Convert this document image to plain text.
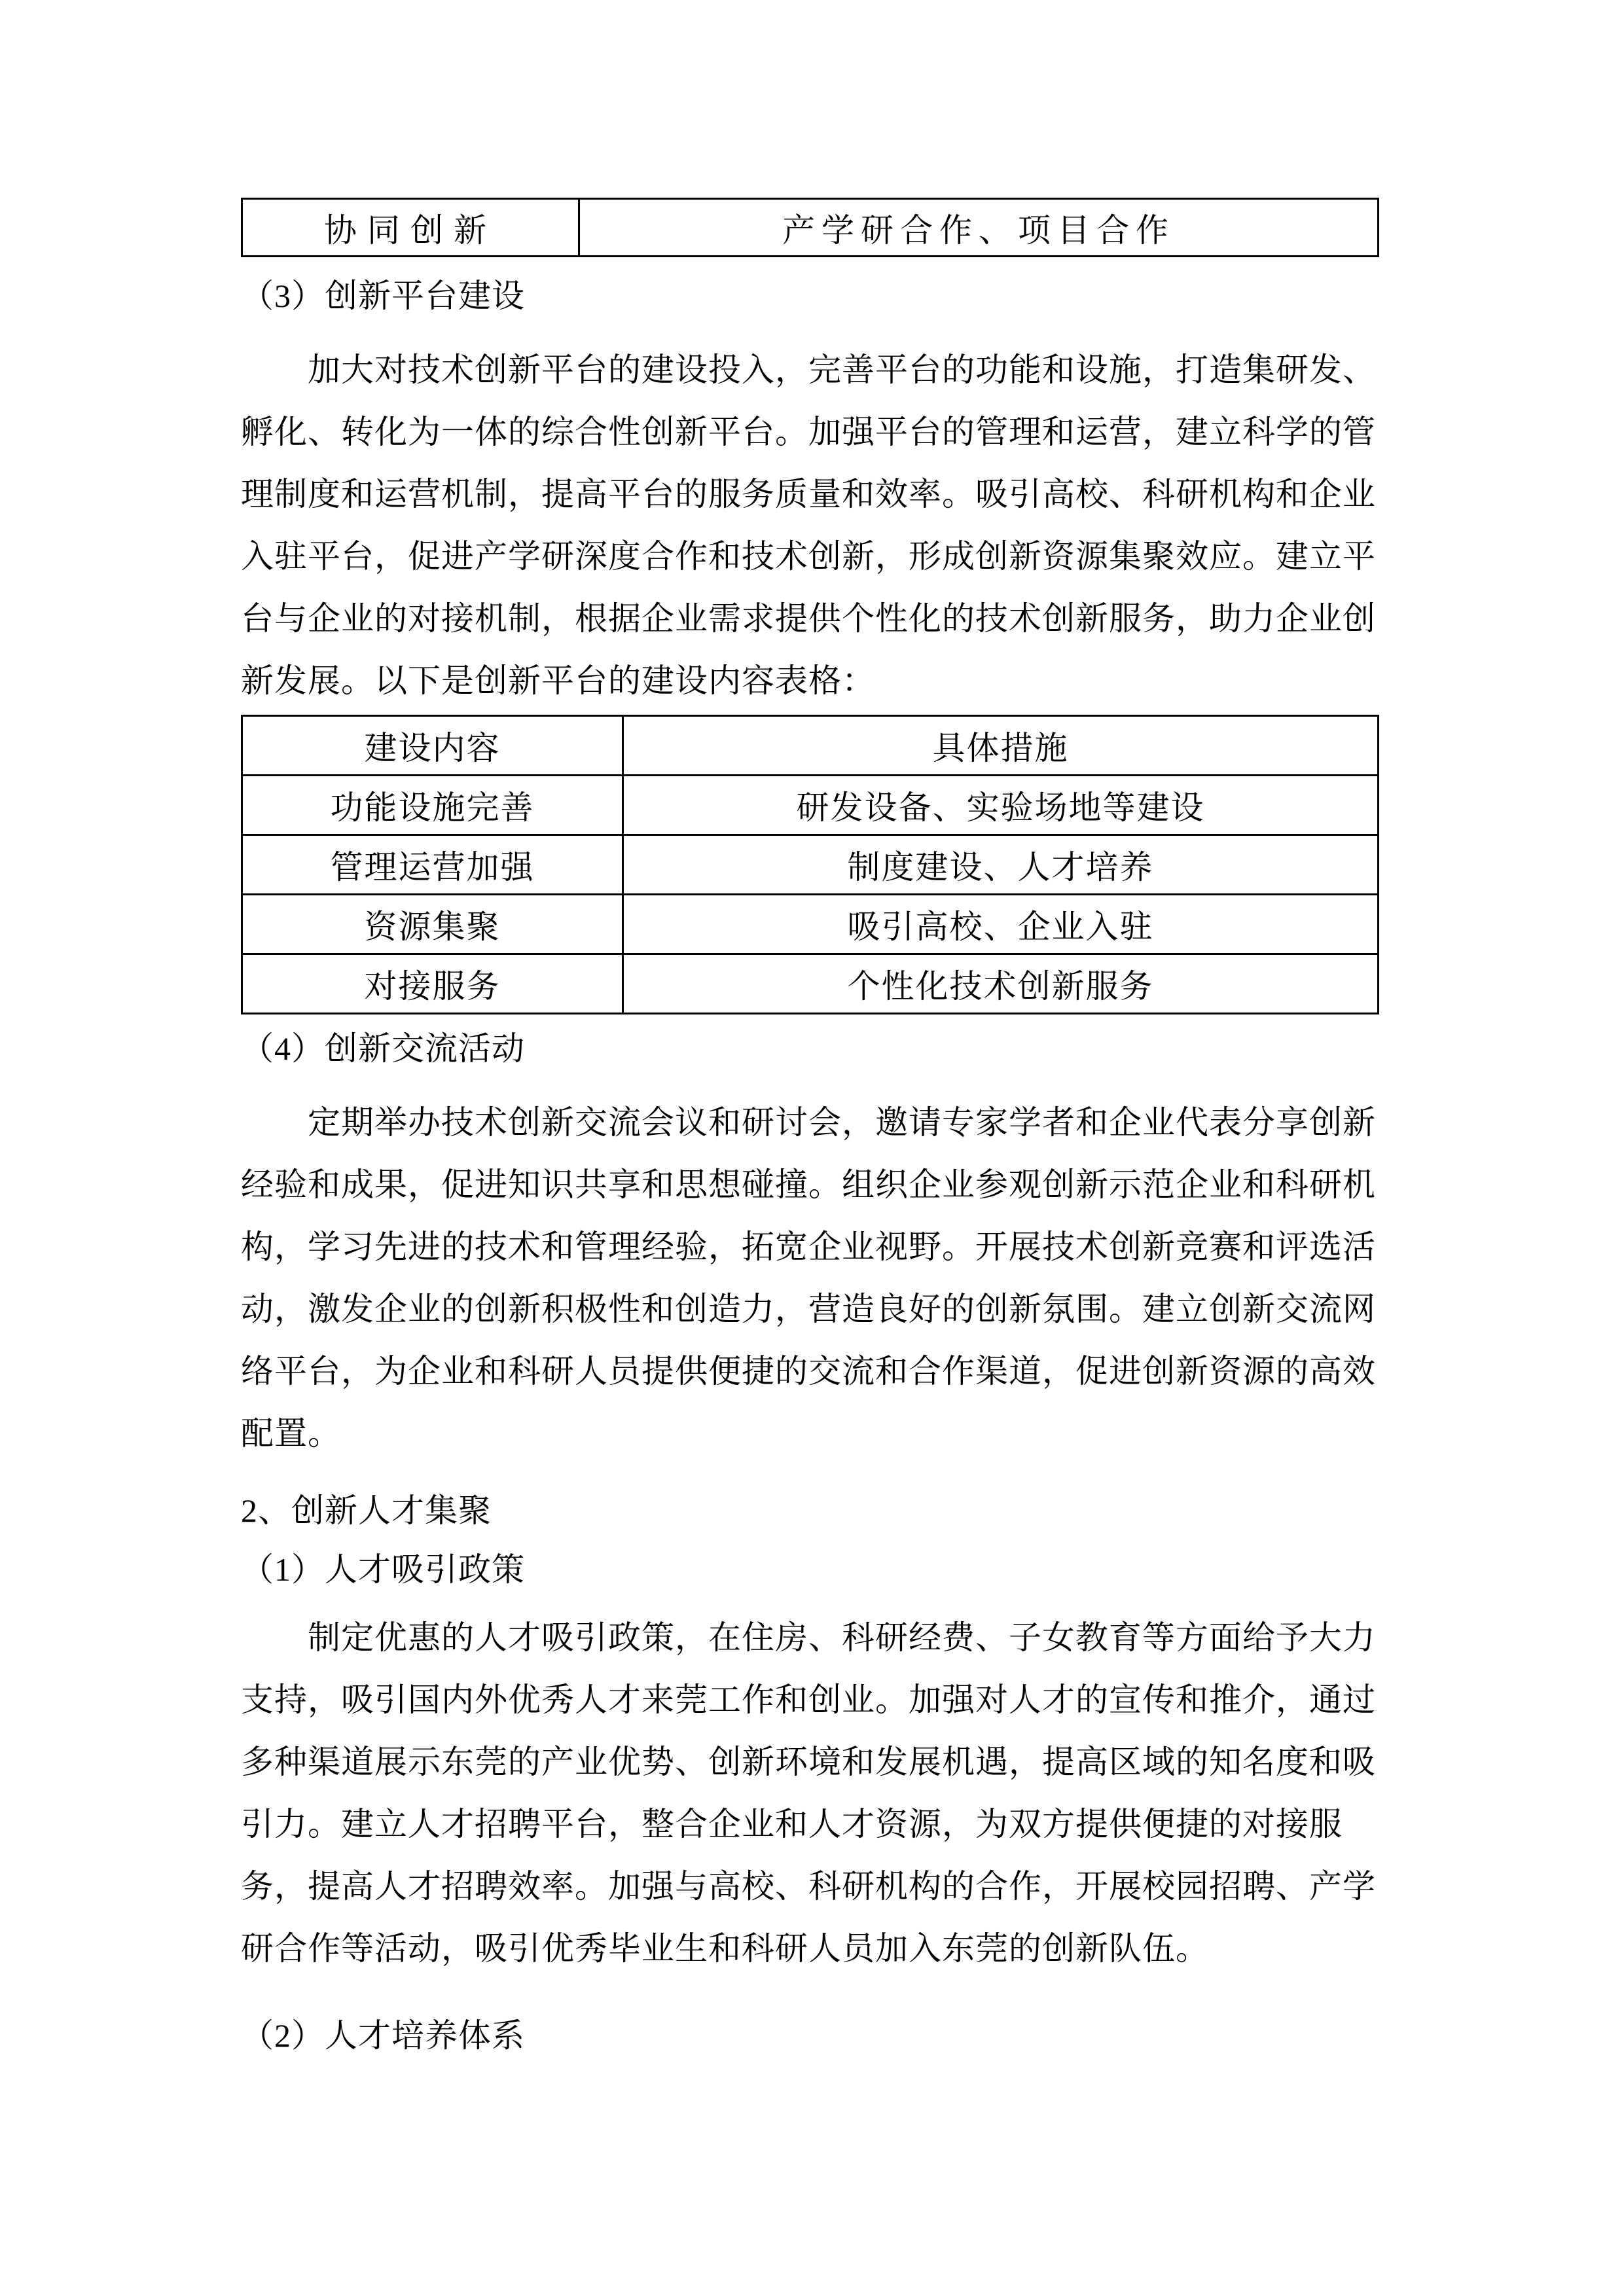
协同创新	产学研合作、项目合作
（3）创新平台建设
加大对技术创新平台的建设投入，完善平台的功能和设施，打造集研发、
孵化、转化为一体的综合性创新平台。加强平台的管理和运营，建立科学的管
理制度和运营机制，提高平台的服务质量和效率。吸引高校、科研机构和企业
入驻平台，促进产学研深度合作和技术创新，形成创新资源集聚效应。建立平
台与企业的对接机制，根据企业需求提供个性化的技术创新服务，助力企业创
新发展。以下是创新平台的建设内容表格：
建设内容	具体措施
功能设施完善	研发设备、实验场地等建设
管理运营加强	制度建设、人才培养
资源集聚	吸引高校、企业入驻
对接服务	个性化技术创新服务
（4）创新交流活动
定期举办技术创新交流会议和研讨会，邀请专家学者和企业代表分享创新
经验和成果，促进知识共享和思想碰撞。组织企业参观创新示范企业和科研机
构，学习先进的技术和管理经验，拓宽企业视野。开展技术创新竞赛和评选活
动，激发企业的创新积极性和创造力，营造良好的创新氛围。建立创新交流网
络平台，为企业和科研人员提供便捷的交流和合作渠道，促进创新资源的高效
配置。
2、创新人才集聚
（1）人才吸引政策
制定优惠的人才吸引政策，在住房、科研经费、子女教育等方面给予大力
支持，吸引国内外优秀人才来莞工作和创业。加强对人才的宣传和推介，通过
多种渠道展示东莞的产业优势、创新环境和发展机遇，提高区域的知名度和吸
引力。建立人才招聘平台，整合企业和人才资源，为双方提供便捷的对接服
务，提高人才招聘效率。加强与高校、科研机构的合作，开展校园招聘、产学
研合作等活动，吸引优秀毕业生和科研人员加入东莞的创新队伍。
（2）人才培养体系
